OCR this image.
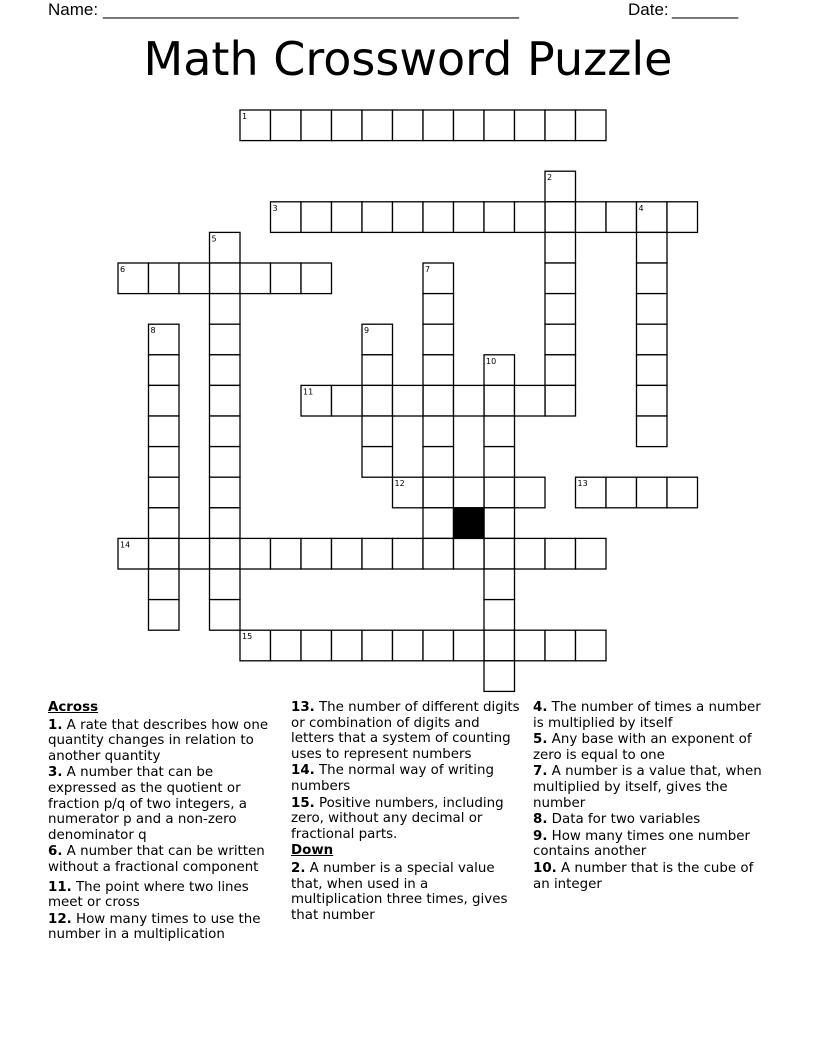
Name: ____________________________________________	Date: _______
Math Crossword Puzzle
1
2
3	4
5
6	7
8	9
10
11
12	13
14
15
Across
1. A rate that describes how one quantity changes in relation to another quantity
3. A number that can be expressed as the quotient or fraction p/q of two integers, a numerator p and a non-zero denominator q
6. A number that can be written without a fractional component
11. The point where two lines meet or cross
12. How many times to use the number in a multiplication
13. The number of different digits or combination of digits and letters that a system of counting uses to represent numbers
14. The normal way of writing numbers
15. Positive numbers, including zero, without any decimal or fractional parts.
Down
2. A number is a special value that, when used in a multiplication three times, gives that number
4. The number of times a number is multiplied by itself
5. Any base with an exponent of zero is equal to one
7. A number is a value that, when multiplied by itself, gives the number
8. Data for two variables
9. How many times one number contains another
10. A number that is the cube of an integer
